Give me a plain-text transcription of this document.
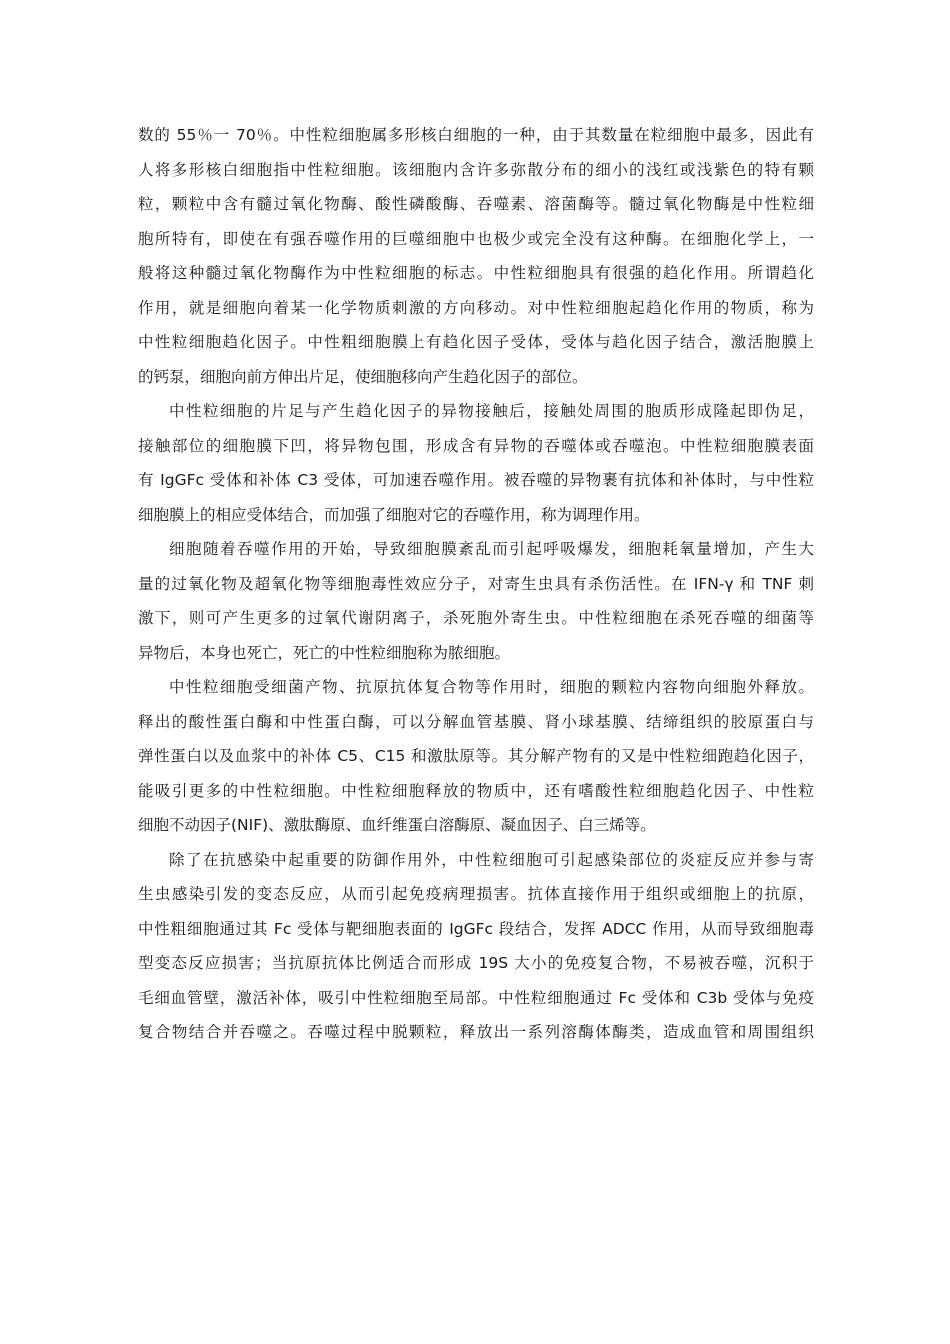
数的 55％一 70％。中性粒细胞属多形核白细胞的一种，由于其数量在粒细胞中最多，因此有
人将多形核白细胞指中性粒细胞。该细胞内含许多弥散分布的细小的浅红或浅紫色的特有颗
粒，颗粒中含有髓过氧化物酶、酸性磷酸酶、吞噬素、溶菌酶等。髓过氧化物酶是中性粒细
胞所特有，即使在有强吞噬作用的巨噬细胞中也极少或完全没有这种酶。在细胞化学上，一
般将这种髓过氧化物酶作为中性粒细胞的标志。中性粒细胞具有很强的趋化作用。所谓趋化
作用，就是细胞向着某一化学物质刺激的方向移动。对中性粒细胞起趋化作用的物质，称为
中性粒细胞趋化因子。中性粗细胞膜上有趋化因子受体，受体与趋化因子结合，激活胞膜上
的钙泵，细胞向前方伸出片足，使细胞移向产生趋化因子的部位。
中性粒细胞的片足与产生趋化因子的异物接触后，接触处周围的胞质形成隆起即伪足，
接触部位的细胞膜下凹，将异物包围，形成含有异物的吞噬体或吞噬泡。中性粒细胞膜表面
有 IgGFc 受体和补体 C3 受体，可加速吞噬作用。被吞噬的异物裹有抗体和补体时，与中性粒
细胞膜上的相应受体结合，而加强了细胞对它的吞噬作用，称为调理作用。
细胞随着吞噬作用的开始，导致细胞膜紊乱而引起呼吸爆发，细胞耗氧量增加，产生大
量的过氧化物及超氧化物等细胞毒性效应分子，对寄生虫具有杀伤活性。在 IFN-γ 和 TNF 刺
激下，则可产生更多的过氧代谢阴离子，杀死胞外寄生虫。中性粒细胞在杀死吞噬的细菌等
异物后，本身也死亡，死亡的中性粒细胞称为脓细胞。
中性粒细胞受细菌产物、抗原抗体复合物等作用时，细胞的颗粒内容物向细胞外释放。
释出的酸性蛋白酶和中性蛋白酶，可以分解血管基膜、肾小球基膜、结缔组织的胶原蛋白与
弹性蛋白以及血浆中的补体 C5、C15 和激肽原等。其分解产物有的又是中性粒细跑趋化因子，
能吸引更多的中性粒细胞。中性粒细胞释放的物质中，还有嗜酸性粒细胞趋化因子、中性粒
细胞不动因子(NIF)、激肽酶原、血纤维蛋白溶酶原、凝血因子、白三烯等。
除了在抗感染中起重要的防御作用外，中性粒细胞可引起感染部位的炎症反应并参与寄
生虫感染引发的变态反应，从而引起免疫病理损害。抗体直接作用于组织或细胞上的抗原，
中性粗细胞通过其 Fc 受体与靶细胞表面的 IgGFc 段结合，发挥 ADCC 作用，从而导致细胞毒
型变态反应损害；当抗原抗体比例适合而形成 19S 大小的免疫复合物，不易被吞噬，沉积于
毛细血管壁，激活补体，吸引中性粒细胞至局部。中性粒细胞通过 Fc 受体和 C3b 受体与免疫
复合物结合并吞噬之。吞噬过程中脱颗粒，释放出一系列溶酶体酶类，造成血管和周围组织
